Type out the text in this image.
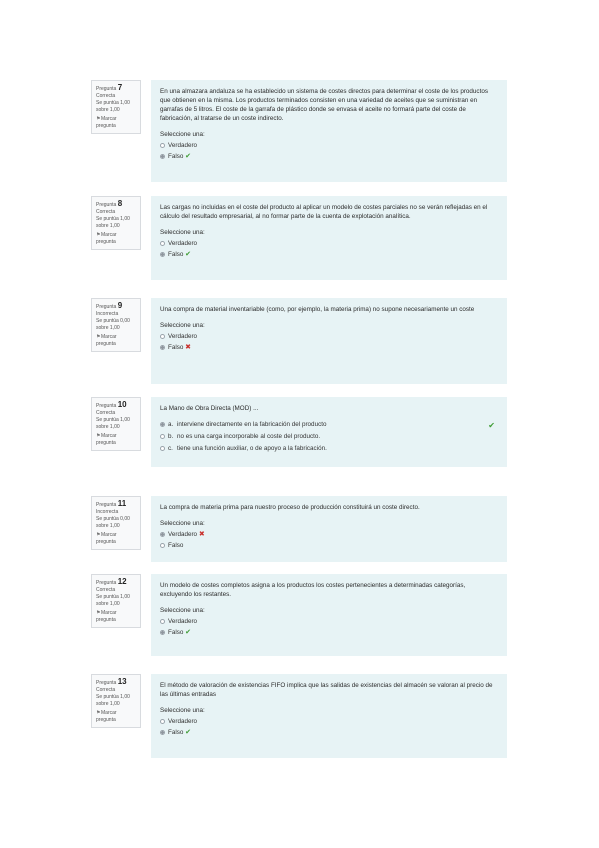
Pregunta 7
Correcta
Se puntúa 1,00 sobre 1,00
⚑Marcar pregunta

En una almazara andaluza se ha establecido un sistema de costes directos para determinar el coste de los productos que obtienen en la misma. Los productos terminados consisten en una variedad de aceites que se suministran en garrafas de 5 litros. El coste de la garrafa de plástico donde se envasa el aceite no formará parte del coste de fabricación, al tratarse de un coste indirecto.

Seleccione una:

Verdadero
Falso ✔
Pregunta 8
Correcta
Se puntúa 1,00 sobre 1,00
⚑Marcar pregunta

Las cargas no incluidas en el coste del producto al aplicar un modelo de costes parciales no se verán reflejadas en el cálculo del resultado empresarial, al no formar parte de la cuenta de explotación analítica.

Seleccione una:

Verdadero
Falso ✔
Pregunta 9
Incorrecta
Se puntúa 0,00 sobre 1,00
⚑Marcar pregunta

Una compra de material inventariable (como, por ejemplo, la materia prima) no supone necesariamente un coste

Seleccione una:

Verdadero
Falso ✖
Pregunta 10
Correcta
Se puntúa 1,00 sobre 1,00
⚑Marcar pregunta

La Mano de Obra Directa (MOD) ...

a. interviene directamente en la fabricación del producto
b. no es una carga incorporable al coste del producto.
c. tiene una función auxiliar, o de apoyo a la fabricación.
✔
Pregunta 11
Incorrecta
Se puntúa 0,00 sobre 1,00
⚑Marcar pregunta

La compra de materia prima para nuestro proceso de producción constituirá un coste directo.

Seleccione una:

Verdadero ✖
Falso
Pregunta 12
Correcta
Se puntúa 1,00 sobre 1,00
⚑Marcar pregunta

Un modelo de costes completos asigna a los productos los costes pertenecientes a determinadas categorías, excluyendo los restantes.

Seleccione una:

Verdadero
Falso ✔
Pregunta 13
Correcta
Se puntúa 1,00 sobre 1,00
⚑Marcar pregunta

El método de valoración de existencias FIFO implica que las salidas de existencias del almacén se valoran al precio de las últimas entradas

Seleccione una:

Verdadero
Falso ✔
